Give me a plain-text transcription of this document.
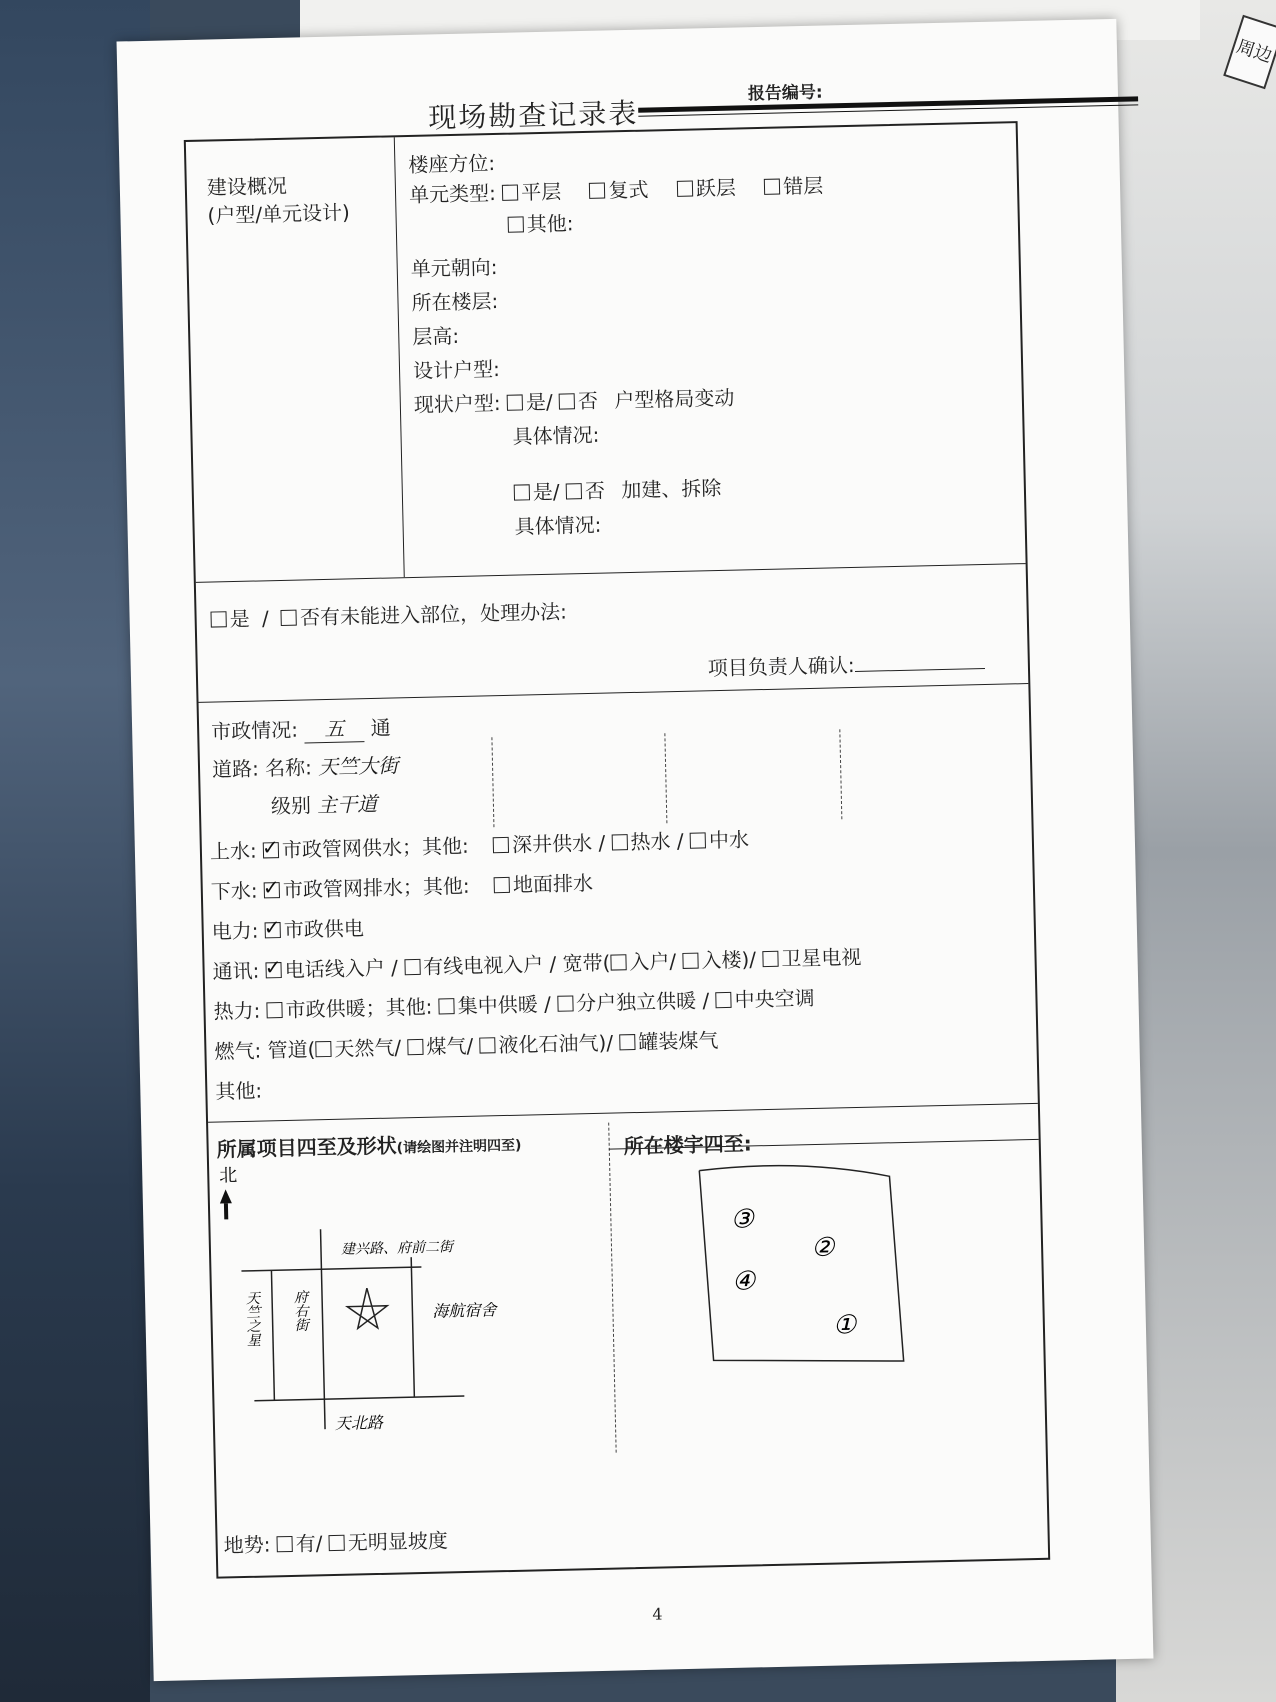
周边
现场勘查记录表
报告编号:
建设概况
(户型/单元设计)
楼座方位:
单元类型: 平层 复式 跃层 错层
其他:
单元朝向:
所在楼层:
层高:
设计户型:
现状户型: 是/ 否 户型格局变动
具体情况:
是/ 否 加建、拆除
具体情况:
是 / 否有未能进入部位，处理办法:
项目负责人确认:
市政情况: 五 通
道路: 名称: 天竺大街
级别 主干道
上水: ✓ 市政管网供水；其他: 深井供水 / 热水 / 中水
下水: ✓ 市政管网排水；其他: 地面排水
电力: ✓ 市政供电
通讯: ✓ 电话线入户 / 有线电视入户 / 宽带( 入户/ 入楼)/ 卫星电视
热力: 市政供暖；其他: 集中供暖 / 分户独立供暖 / 中央空调
燃气: 管道( 天然气/ 煤气/ 液化石油气)/ 罐装煤气
其他:
所属项目四至及形状(请绘图并注明四至)	所在楼宇四至:
北
建兴路、府前二街
海航宿舍
天北路
天竺之星 府右街
③
②
④
①
地势: 有/ 无明显坡度
4
